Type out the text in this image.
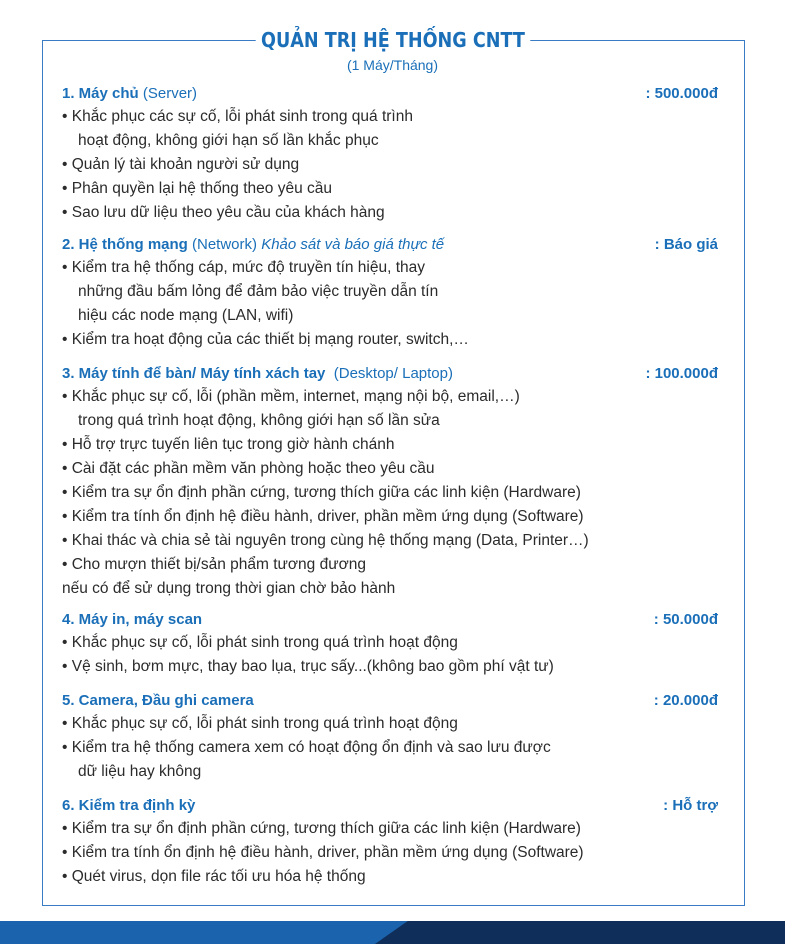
QUẢN TRỊ HỆ THỐNG CNTT
(1 Máy/Tháng)
1. Máy chủ (Server)	: 500.000đ
• Khắc phục các sự cố, lỗi phát sinh trong quá trình
hoạt động, không giới hạn số lần khắc phục
• Quản lý tài khoản người sử dụng
• Phân quyền lại hệ thống theo yêu cầu
• Sao lưu dữ liệu theo yêu cầu của khách hàng
2. Hệ thống mạng (Network) Khảo sát và báo giá thực tế	: Báo giá
• Kiểm tra hệ thống cáp, mức độ truyền tín hiệu, thay
những đầu bấm lỏng để đảm bảo việc truyền dẫn tín
hiệu các node mạng (LAN, wifi)
• Kiểm tra hoạt động của các thiết bị mạng router, switch,…
3. Máy tính để bàn/ Máy tính xách tay  (Desktop/ Laptop)	: 100.000đ
• Khắc phục sự cố, lỗi (phần mềm, internet, mạng nội bộ, email,…)
trong quá trình hoạt động, không giới hạn số lần sửa
• Hỗ trợ trực tuyến liên tục trong giờ hành chánh
• Cài đặt các phần mềm văn phòng hoặc theo yêu cầu
• Kiểm tra sự ổn định phần cứng, tương thích giữa các linh kiện (Hardware)
• Kiểm tra tính ổn định hệ điều hành, driver, phần mềm ứng dụng (Software)
• Khai thác và chia sẻ tài nguyên trong cùng hệ thống mạng (Data, Printer…)
• Cho mượn thiết bị/sản phẩm tương đương
nếu có để sử dụng trong thời gian chờ bảo hành
4. Máy in, máy scan	: 50.000đ
• Khắc phục sự cố, lỗi phát sinh trong quá trình hoạt động
• Vệ sinh, bơm mực, thay bao lụa, trục sấy...(không bao gồm phí vật tư)
5. Camera, Đầu ghi camera	: 20.000đ
• Khắc phục sự cố, lỗi phát sinh trong quá trình hoạt động
• Kiểm tra hệ thống camera xem có hoạt động ổn định và sao lưu được
dữ liệu hay không
6. Kiểm tra định kỳ	: Hỗ trợ
• Kiểm tra sự ổn định phần cứng, tương thích giữa các linh kiện (Hardware)
• Kiểm tra tính ổn định hệ điều hành, driver, phần mềm ứng dụng (Software)
• Quét virus, dọn file rác tối ưu hóa hệ thống
